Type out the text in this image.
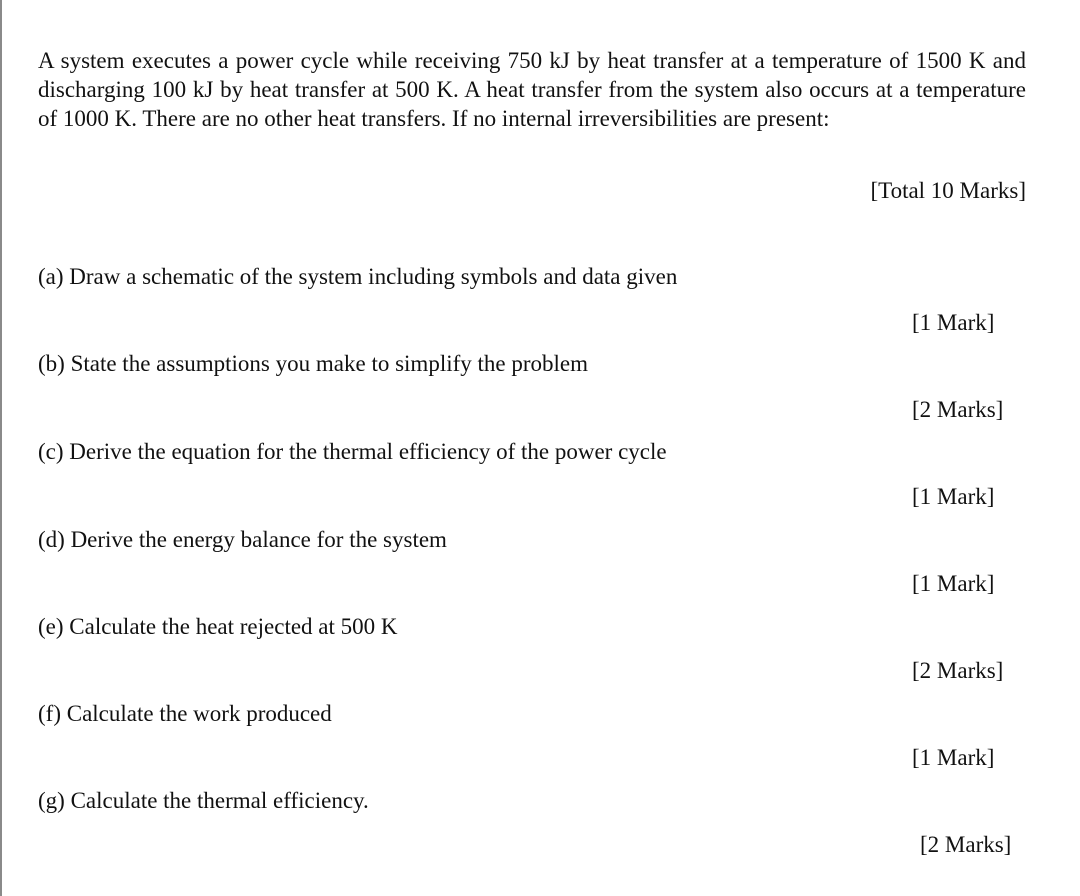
A system executes a power cycle while receiving 750 kJ by heat transfer at a temperature of 1500 K and discharging 100 kJ by heat transfer at 500 K. A heat transfer from the system also occurs at a temperature of 1000 K. There are no other heat transfers. If no internal irreversibilities are present:

[Total 10 Marks]

(a) Draw a schematic of the system including symbols and data given

[1 Mark]

(b) State the assumptions you make to simplify the problem

[2 Marks]

(c) Derive the equation for the thermal efficiency of the power cycle

[1 Mark]

(d) Derive the energy balance for the system

[1 Mark]

(e) Calculate the heat rejected at 500 K

[2 Marks]

(f) Calculate the work produced

[1 Mark]

(g) Calculate the thermal efficiency.

[2 Marks]
